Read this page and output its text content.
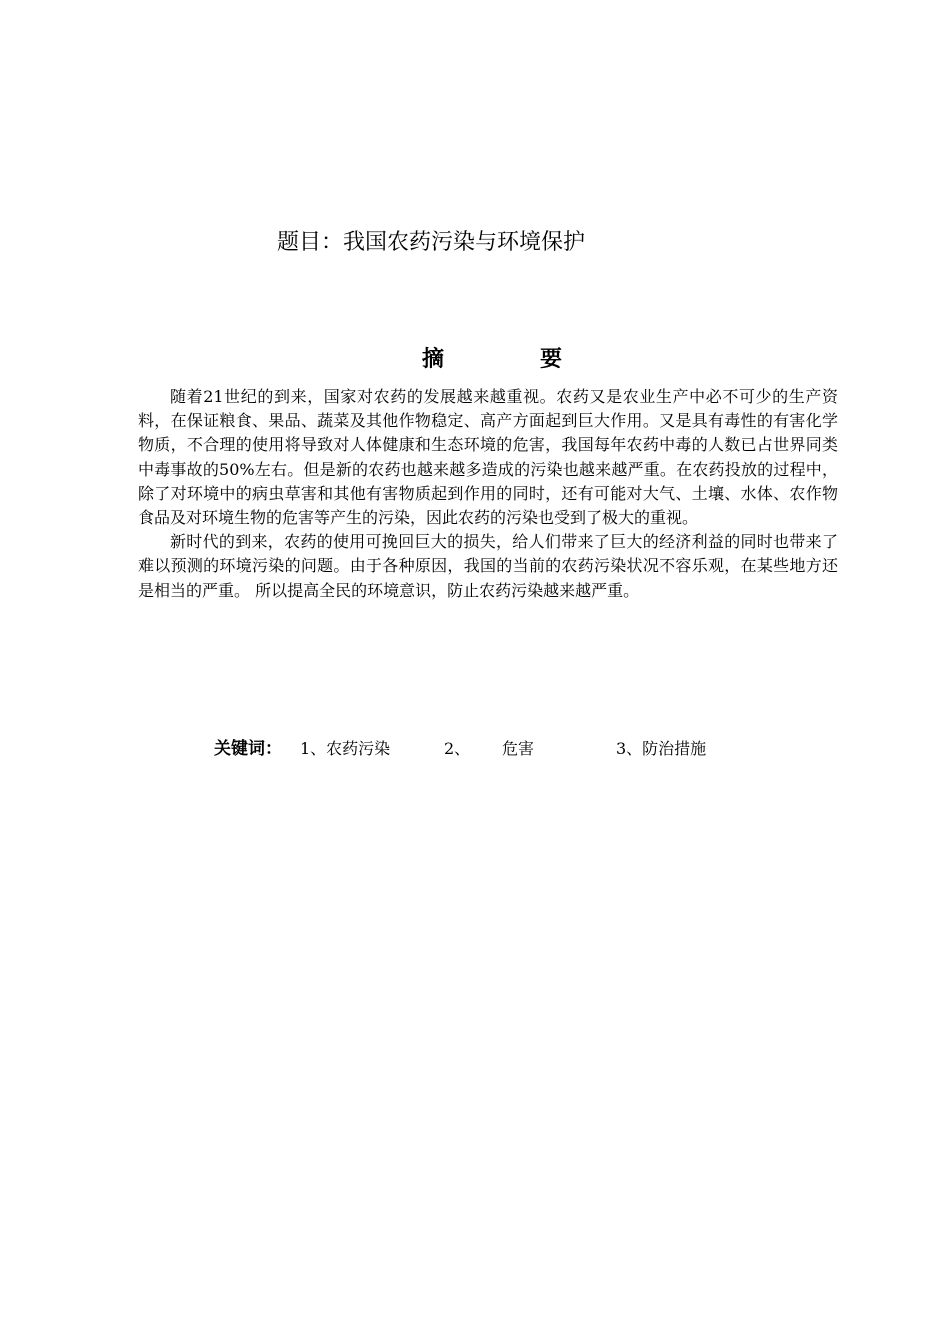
题目：我国农药污染与环境保护
摘	要

随着21世纪的到来，国家对农药的发展越来越重视。农药又是农业生产中必不可少的生产资料，在保证粮食、果品、蔬菜及其他作物稳定、高产方面起到巨大作用。又是具有毒性的有害化学物质，不合理的使用将导致对人体健康和生态环境的危害，我国每年农药中毒的人数已占世界同类中毒事故的50%左右。但是新的农药也越来越多造成的污染也越来越严重。在农药投放的过程中，除了对环境中的病虫草害和其他有害物质起到作用的同时，还有可能对大气、土壤、水体、农作物食品及对环境生物的危害等产生的污染，因此农药的污染也受到了极大的重视。

新时代的到来，农药的使用可挽回巨大的损失，给人们带来了巨大的经济利益的同时也带来了难以预测的环境污染的问题。由于各种原因，我国的当前的农药污染状况不容乐观，在某些地方还是相当的严重。 所以提高全民的环境意识，防止农药污染越来越严重。

关键词： 1、农药污染	2、 危害	3、防治措施
